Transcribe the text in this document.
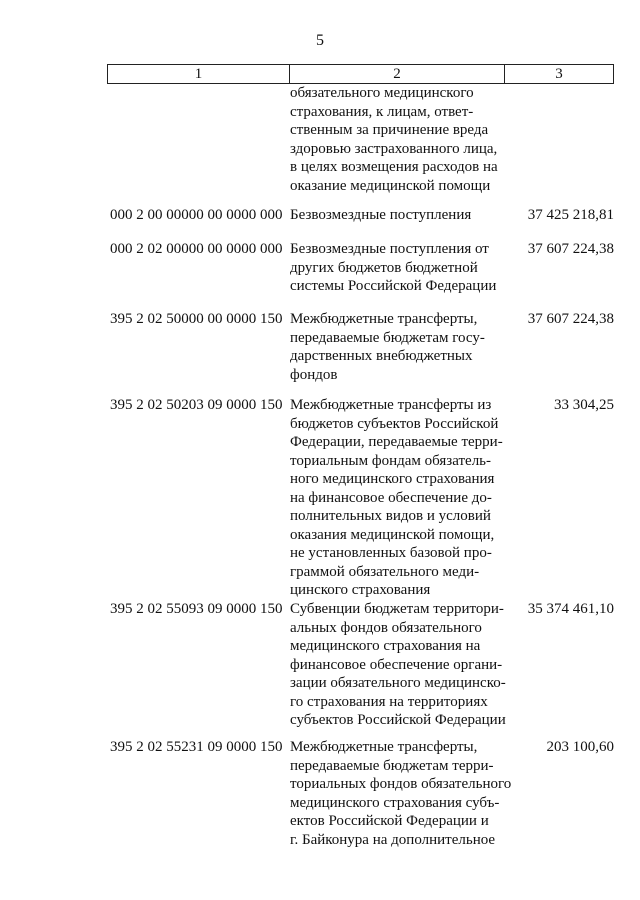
5
1	2	3
обязательного медицинского
страхования, к лицам, ответ-
ственным за причинение вреда
здоровью застрахованного лица,
в целях возмещения расходов на
оказание медицинской помощи
000 2 00 00000 00 0000 000 Безвозмездные поступления	37 425 218,81
000 2 02 00000 00 0000 000 Безвозмездные поступления от
других бюджетов бюджетной
системы Российской Федерации
37 607 224,38
395 2 02 50000 00 0000 150 Межбюджетные трансферты,
передаваемые бюджетам госу-
дарственных внебюджетных
фондов
37 607 224,38
395 2 02 50203 09 0000 150 Межбюджетные трансферты из
бюджетов субъектов Российской
Федерации, передаваемые терри-
ториальным фондам обязатель-
ного медицинского страхования
на финансовое обеспечение до-
полнительных видов и условий
оказания медицинской помощи,
не установленных базовой про-
граммой обязательного меди-
цинского страхования
33 304,25
395 2 02 55093 09 0000 150 Субвенции бюджетам территори-
альных фондов обязательного
медицинского страхования на
финансовое обеспечение органи-
зации обязательного медицинско-
го страхования на территориях
субъектов Российской Федерации
35 374 461,10
395 2 02 55231 09 0000 150 Межбюджетные трансферты,
передаваемые бюджетам терри-
ториальных фондов обязательного
медицинского страхования субъ-
ектов Российской Федерации и
г. Байконура на дополнительное
203 100,60
